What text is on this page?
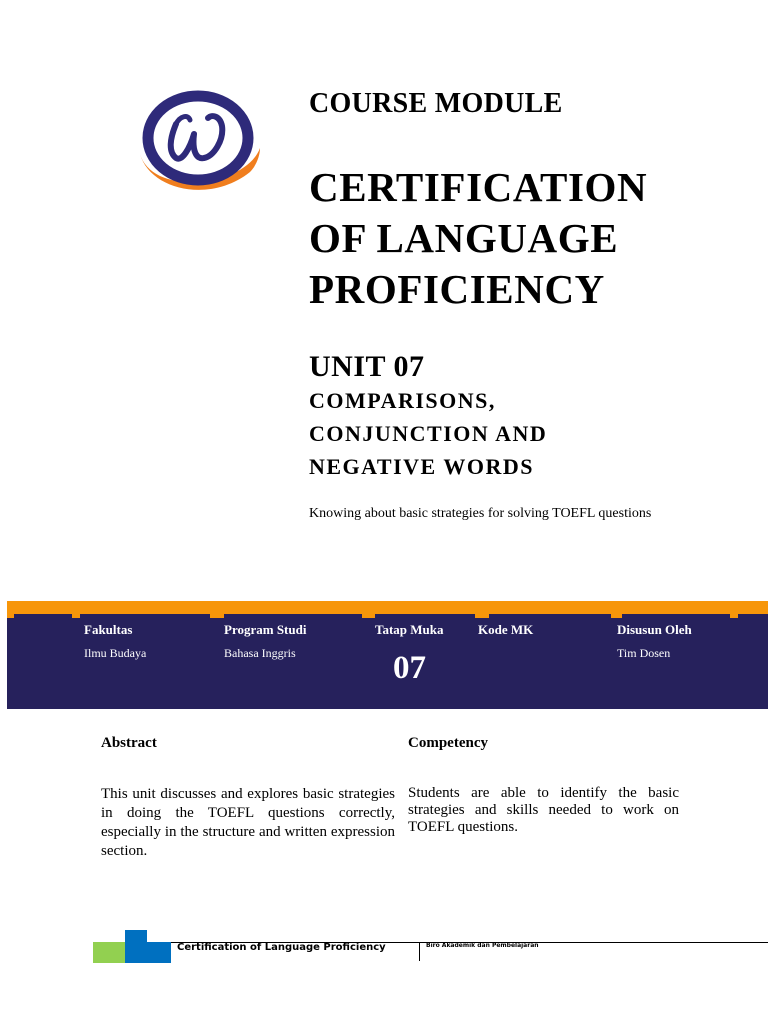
COURSE MODULE
CERTIFICATION
OF LANGUAGE
PROFICIENCY
UNIT 07
COMPARISONS,
CONJUNCTION AND
NEGATIVE WORDS
Knowing about basic strategies for solving TOEFL questions
Fakultas
Ilmu Budaya
Program Studi
Bahasa Inggris
Tatap Muka
07
Kode MK	Disusun Oleh
Tim Dosen
Abstract
This unit discusses and explores basic strategies in doing the TOEFL questions correctly, especially in the structure and written expression section.
Competency
Students are able to identify the basic strategies and skills needed to work on TOEFL questions.
Certification of Language Proficiency	Biro Akademik dan Pembelajaran
